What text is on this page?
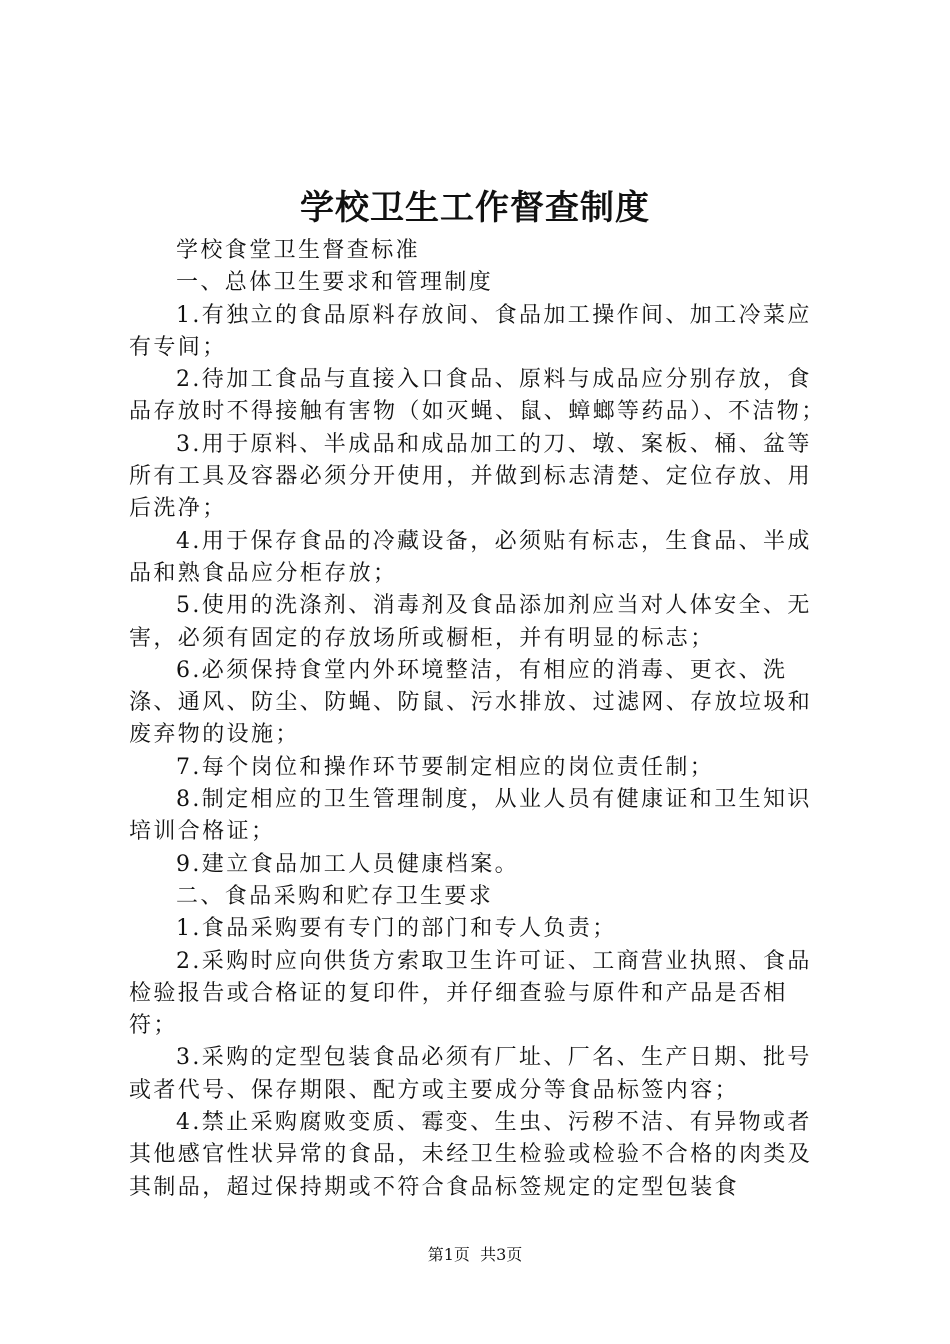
学校卫生工作督查制度

学校食堂卫生督查标准

一、总体卫生要求和管理制度

1.有独立的食品原料存放间、食品加工操作间、加工冷菜应有专间；

2.待加工食品与直接入口食品、原料与成品应分别存放，食品存放时不得接触有害物（如灭蝇、鼠、蟑螂等药品）、不洁物；

3.用于原料、半成品和成品加工的刀、墩、案板、桶、盆等所有工具及容器必须分开使用，并做到标志清楚、定位存放、用后洗净；

4.用于保存食品的冷藏设备，必须贴有标志，生食品、半成品和熟食品应分柜存放；

5.使用的洗涤剂、消毒剂及食品添加剂应当对人体安全、无害，必须有固定的存放场所或橱柜，并有明显的标志；

6.必须保持食堂内外环境整洁，有相应的消毒、更衣、洗涤、通风、防尘、防蝇、防鼠、污水排放、过滤网、存放垃圾和废弃物的设施；

7.每个岗位和操作环节要制定相应的岗位责任制；

8.制定相应的卫生管理制度，从业人员有健康证和卫生知识培训合格证；

9.建立食品加工人员健康档案。

二、食品采购和贮存卫生要求

1.食品采购要有专门的部门和专人负责；

2.采购时应向供货方索取卫生许可证、工商营业执照、食品检验报告或合格证的复印件，并仔细查验与原件和产品是否相符；

3.采购的定型包装食品必须有厂址、厂名、生产日期、批号或者代号、保存期限、配方或主要成分等食品标签内容；

4.禁止采购腐败变质、霉变、生虫、污秽不洁、有异物或者其他感官性状异常的食品，未经卫生检验或检验不合格的肉类及其制品，超过保持期或不符合食品标签规定的定型包装食

第1页  共3页
